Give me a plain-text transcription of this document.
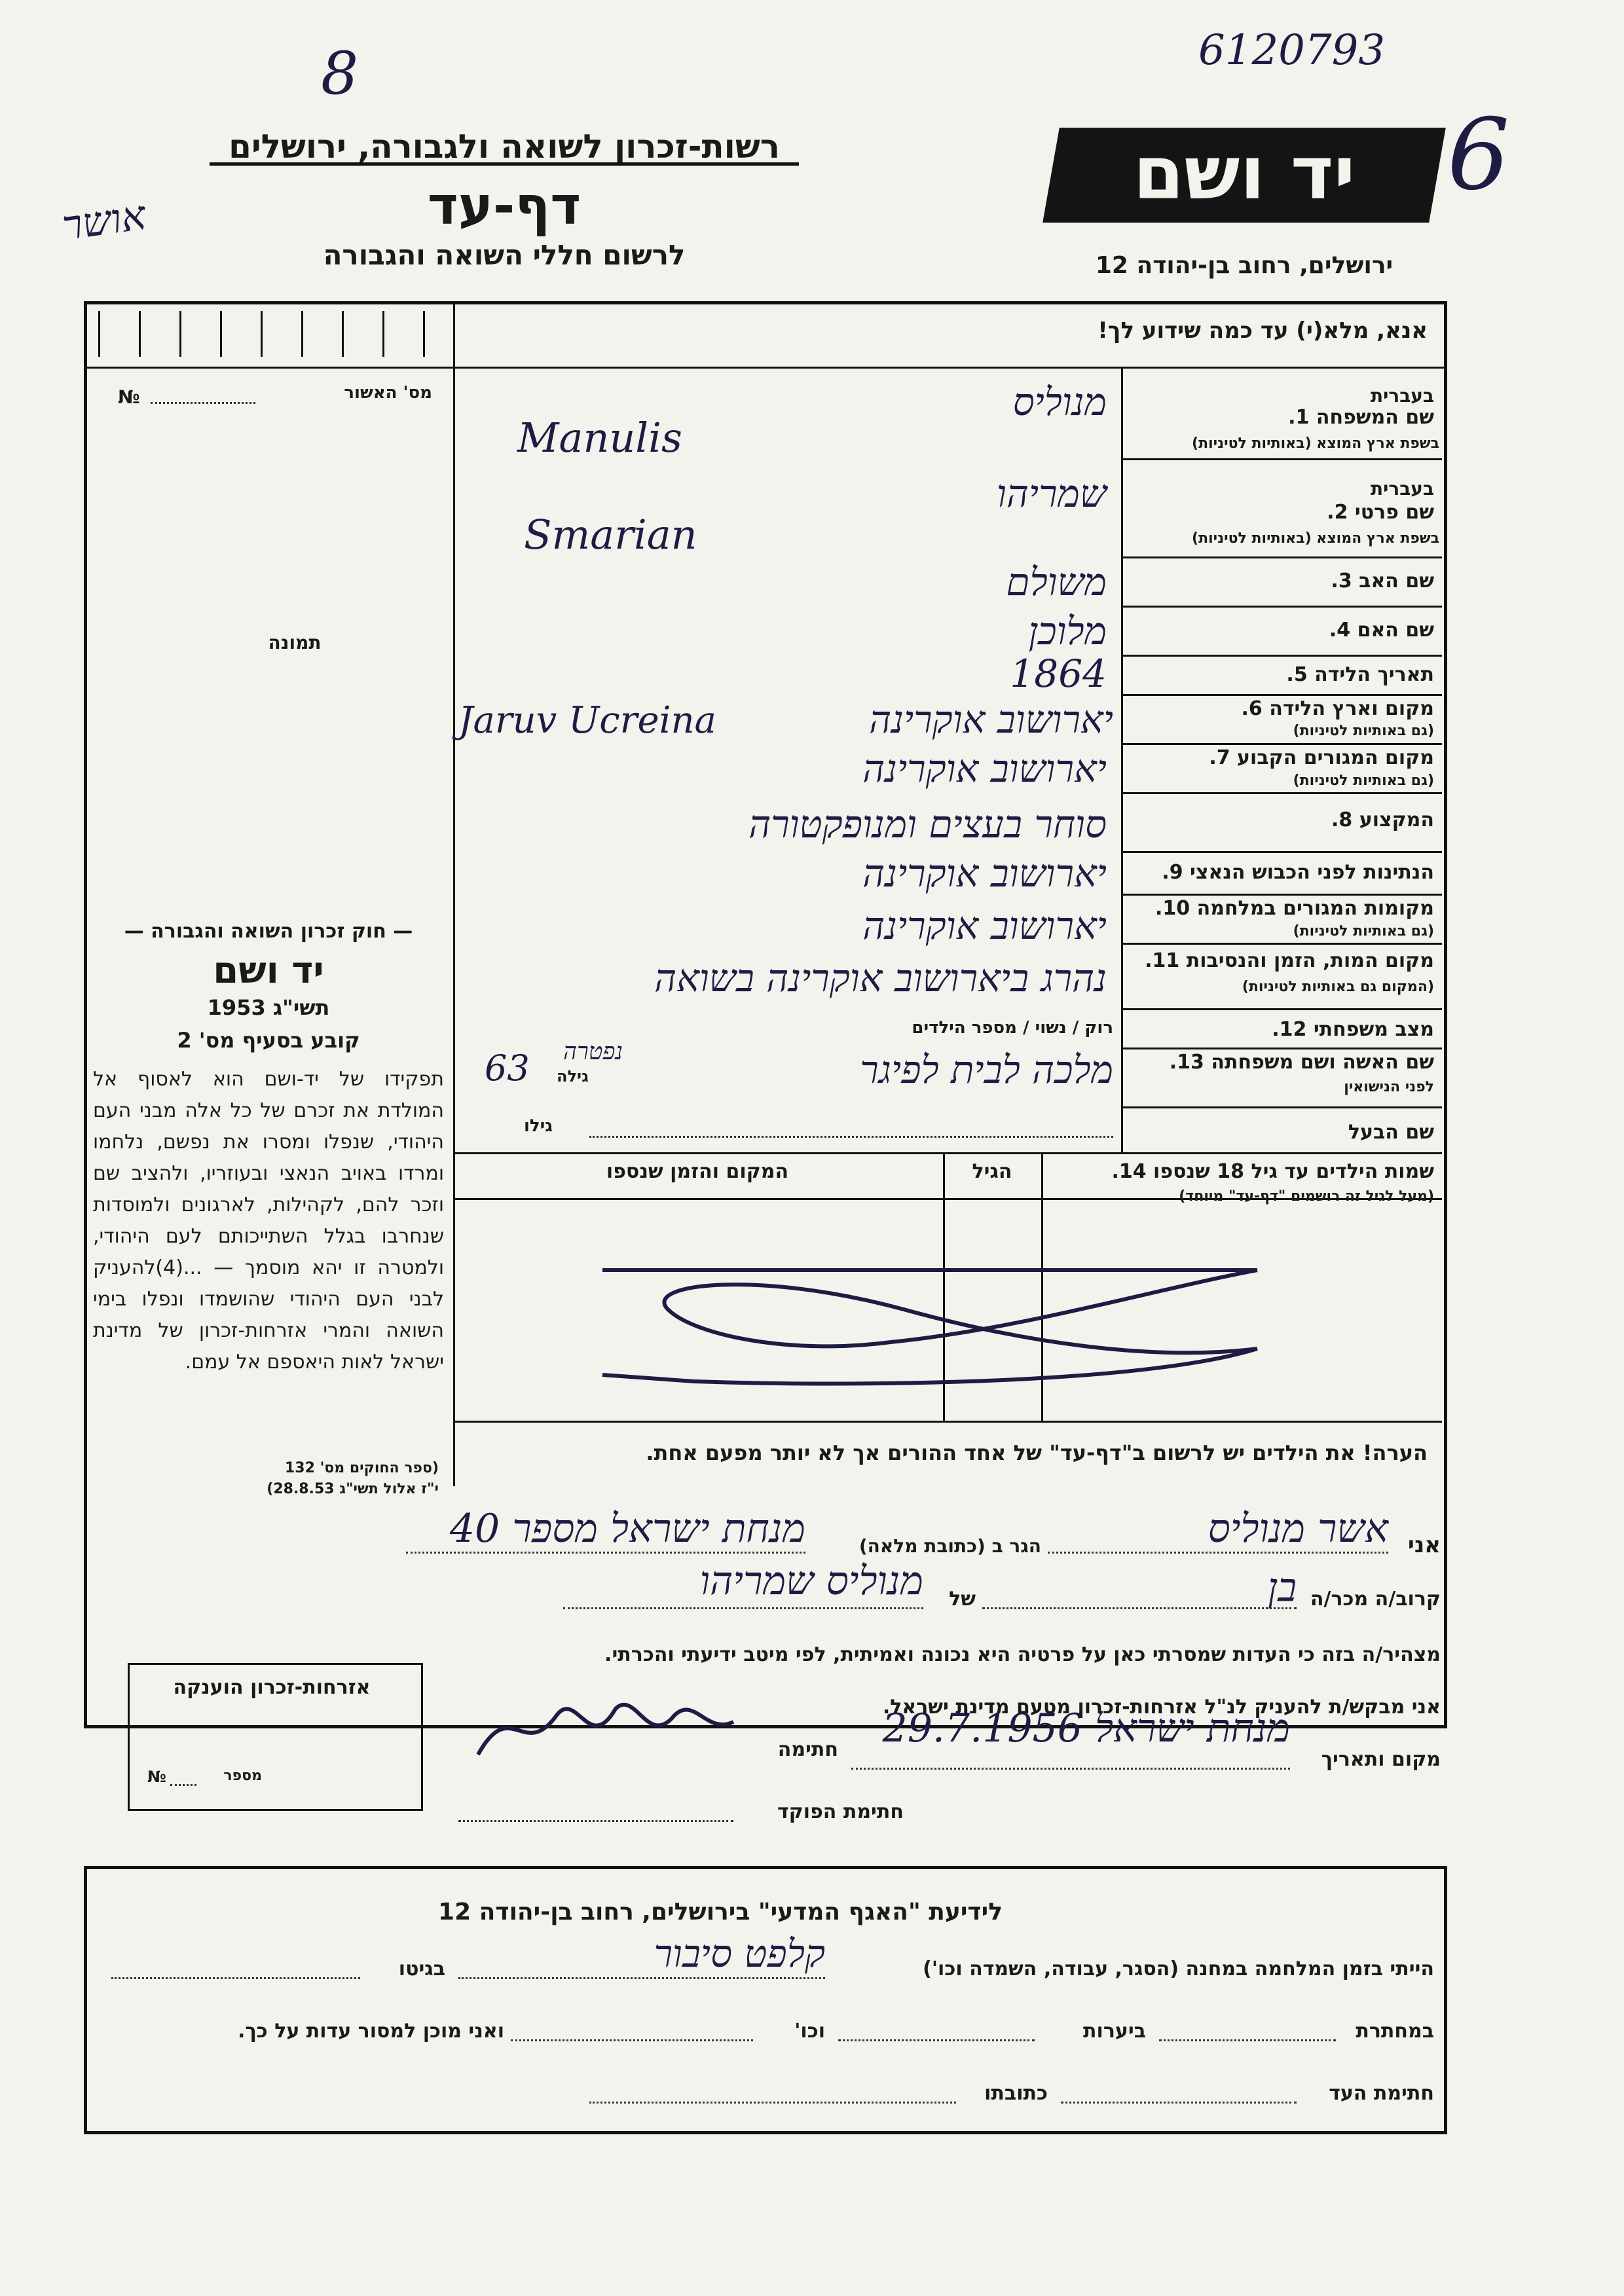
6120793
6
8
אושר
רשות-זכרון לשואה ולגבורה, ירושלים
דף-עד
לרשום חללי השואה והגבורה
יד ושם
ירושלים, רחוב בן-יהודה 12
אנא, מלא(י) עד כמה שידוע לך!
מס' האשור
№
תמונה
בעברית
שם המשפחה 1.
בשפת ארץ המוצא (באותיות לטיניות)
מנוליס
Manulis
בעברית
שם פרטי 2.
בשפת ארץ המוצא (באותיות לטיניות)
שמריהו
Smarian
שם האב 3.
משולם
שם האם 4.
מלוכן
תאריך הלידה 5.
1864
מקום וארץ הלידה 6.
(גם באותיות לטיניות)
יארושוב אוקרינה
Jaruv Ucreina
מקום המגורים הקבוע 7.
(גם באותיות לטיניות)
יארושוב אוקרינה
המקצוע 8.
סוחר בעצים ומנופקטורה
הנתינות לפני הכבוש הנאצי 9.
יארושוב אוקרינה
מקומות המגורים במלחמה 10.
(גם באותיות לטיניות)
יארושוב אוקרינה
מקום המות, הזמן והנסיבות 11.
(המקום גם באותיות לטיניות)
נהרג ביארושוב אוקרינה בשואה
מצב משפחתי 12.
רוק / נשוי / מספר הילדים
שם האשה ושם משפחתה 13.
לפני הנישואין
מלכה לבית לפיגר
נפטרה
גילה
63
שם הבעל
גילו
שמות הילדים עד גיל 18 שנספו 14.
(מעל לגיל זה רושמים "דף-עד" מיוחד)
הגיל
המקום והזמן שנספו
הערה! את הילדים יש לרשום ב"דף-עד" של אחד ההורים אך לא יותר מפעם אחת.
— חוק זכרון השואה והגבורה —
יד ושם
תשי"ג 1953
קובע בסעיף מס' 2
תפקידו של יד-ושם הוא לאסוף אל המולדת את זכרם של כל אלה מבני העם היהודי, שנפלו ומסרו את נפשם, נלחמו ומרדו באויב הנאצי ובעוזריו, ולהציב שם וזכר להם, לקהילות, לארגונים ולמוסדות שנחרבו בגלל השתייכותם לעם היהודי, ולמטרה זו יהא מוסמך — ...(4)להעניק לבני העם היהודי שהושמדו ונפלו בימי השואה והמרי אזרחות-זכרון של מדינת ישראל לאות היאספם אל עמם.
(ספר החוקים מס' 132
י"ז אלול תשי"ג 28.8.53)
אני
אשר מנוליס
הגר ב (כתובת מלאה)
מנחת ישראל מספר 40
קרוב/ה מכר/ה
בן
של
מנוליס שמריהו
מצהיר/ה בזה כי העדות שמסרתי כאן על פרטיה היא נכונה ואמיתית, לפי מיטב ידיעתי והכרתי.
אני מבקש/ת להעניק לנ"ל אזרחות-זכרון מטעם מדינת ישראל.
מקום ותאריך
מנחת ישראל 29.7.1956
חתימה
חתימת הפוקד
אזרחות-זכרון הוענקה
מספר
№
לידיעת "האגף המדעי" בירושלים, רחוב בן-יהודה 12
הייתי בזמן המלחמה במחנה (הסגר, עבודה, השמדה וכו')
קלפט סיבור
בגיטו
במחתרת
ביערות
וכו'
ואני מוכן למסור עדות על כך.
חתימת העד
כתובתו
